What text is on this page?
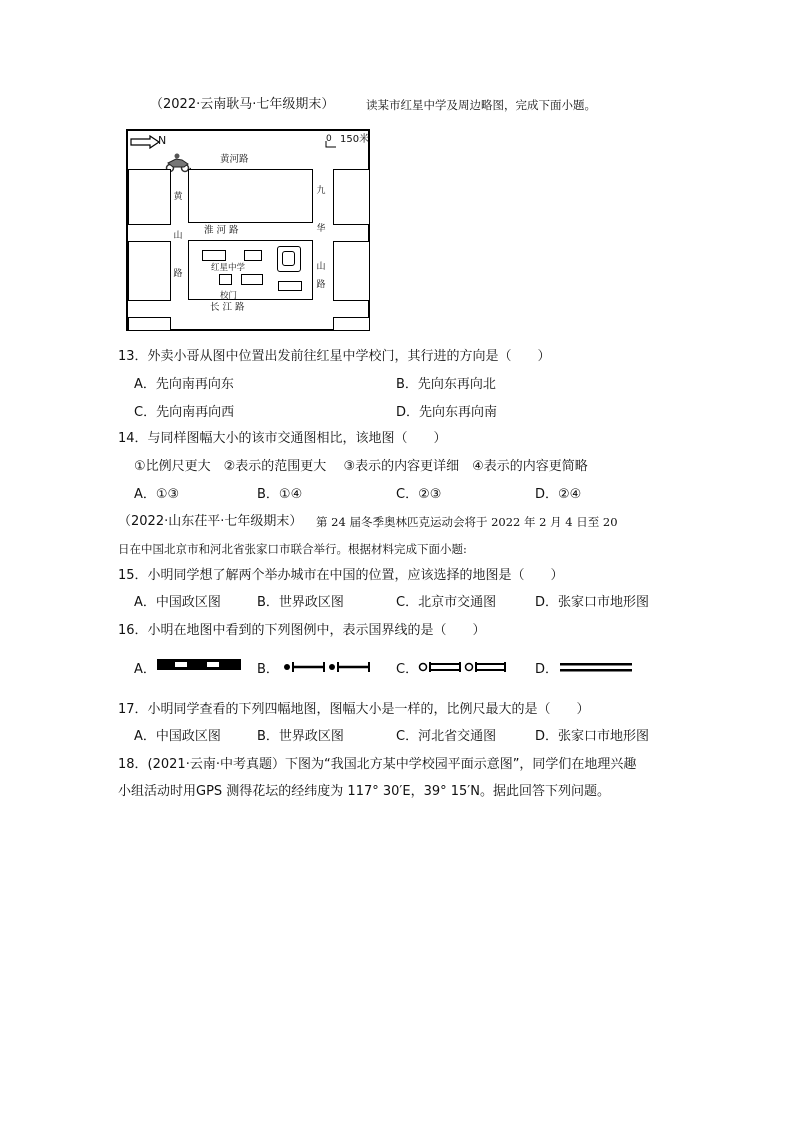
（2022·云南耿马·七年级期末）	读某市红星中学及周边略图，完成下面小题。
N	0 150米
黄河路
淮 河 路
长 江 路
黄
山
路
九
华
山
路
红星中学
校门
13．外卖小哥从图中位置出发前往红星中学校门，其行进的方向是（　　）
A．先向南再向东	B．先向东再向北
C．先向南再向西	D．先向东再向南
14．与同样图幅大小的该市交通图相比，该地图（　　）
①比例尺更大　②表示的范围更大　 ③表示的内容更详细　④表示的内容更简略
A．①③	B．①④	C．②③	D．②④
（2022·山东茌平·七年级期末） 第 24 届冬季奥林匹克运动会将于 2022 年 2 月 4 日至 20
日在中国北京市和河北省张家口市联合举行。根据材料完成下面小题:
15．小明同学想了解两个举办城市在中国的位置，应该选择的地图是（　　）
A．中国政区图	B．世界政区图	C．北京市交通图	D．张家口市地形图
16．小明在地图中看到的下列图例中，表示国界线的是（　　）
A．	B．	C．	D．
17．小明同学查看的下列四幅地图，图幅大小是一样的，比例尺最大的是（　　）
A．中国政区图	B．世界政区图	C．河北省交通图	D．张家口市地形图
18．(2021·云南·中考真题）下图为“我国北方某中学校园平面示意图”，同学们在地理兴趣
小组活动时用GPS 测得花坛的经纬度为 117° 30′E，39° 15′N。据此回答下列问题。
